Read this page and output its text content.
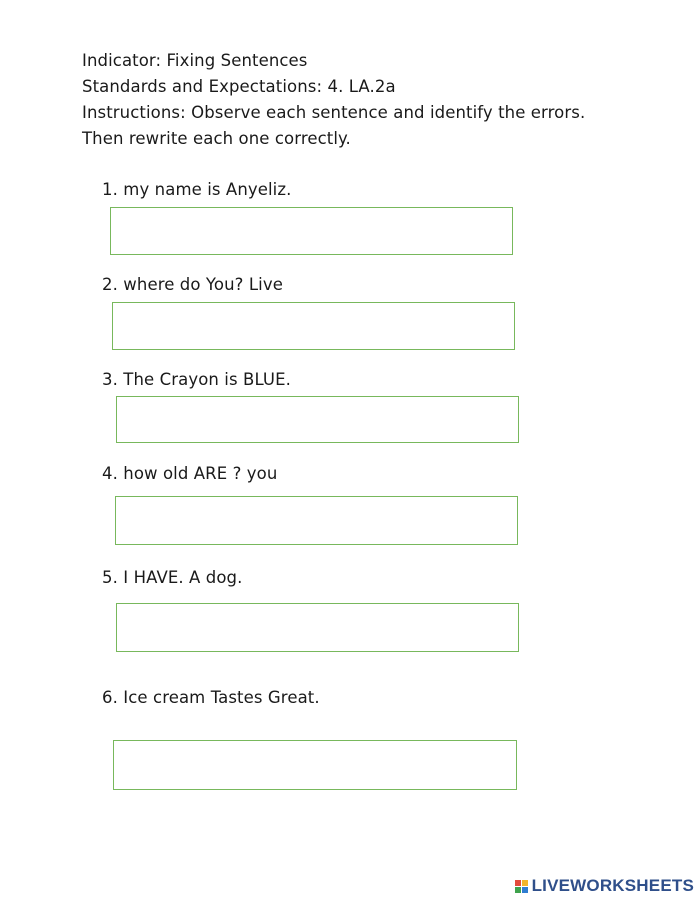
Indicator: Fixing Sentences
Standards and Expectations: 4. LA.2a
Instructions: Observe each sentence and identify the errors.
Then rewrite each one correctly.
1. my name is Anyeliz.
2. where do You? Live
3. The Crayon is BLUE.
4. how old ARE ? you
5. I HAVE. A dog.
6. Ice cream Tastes Great.
LIVEWORKSHEETS
